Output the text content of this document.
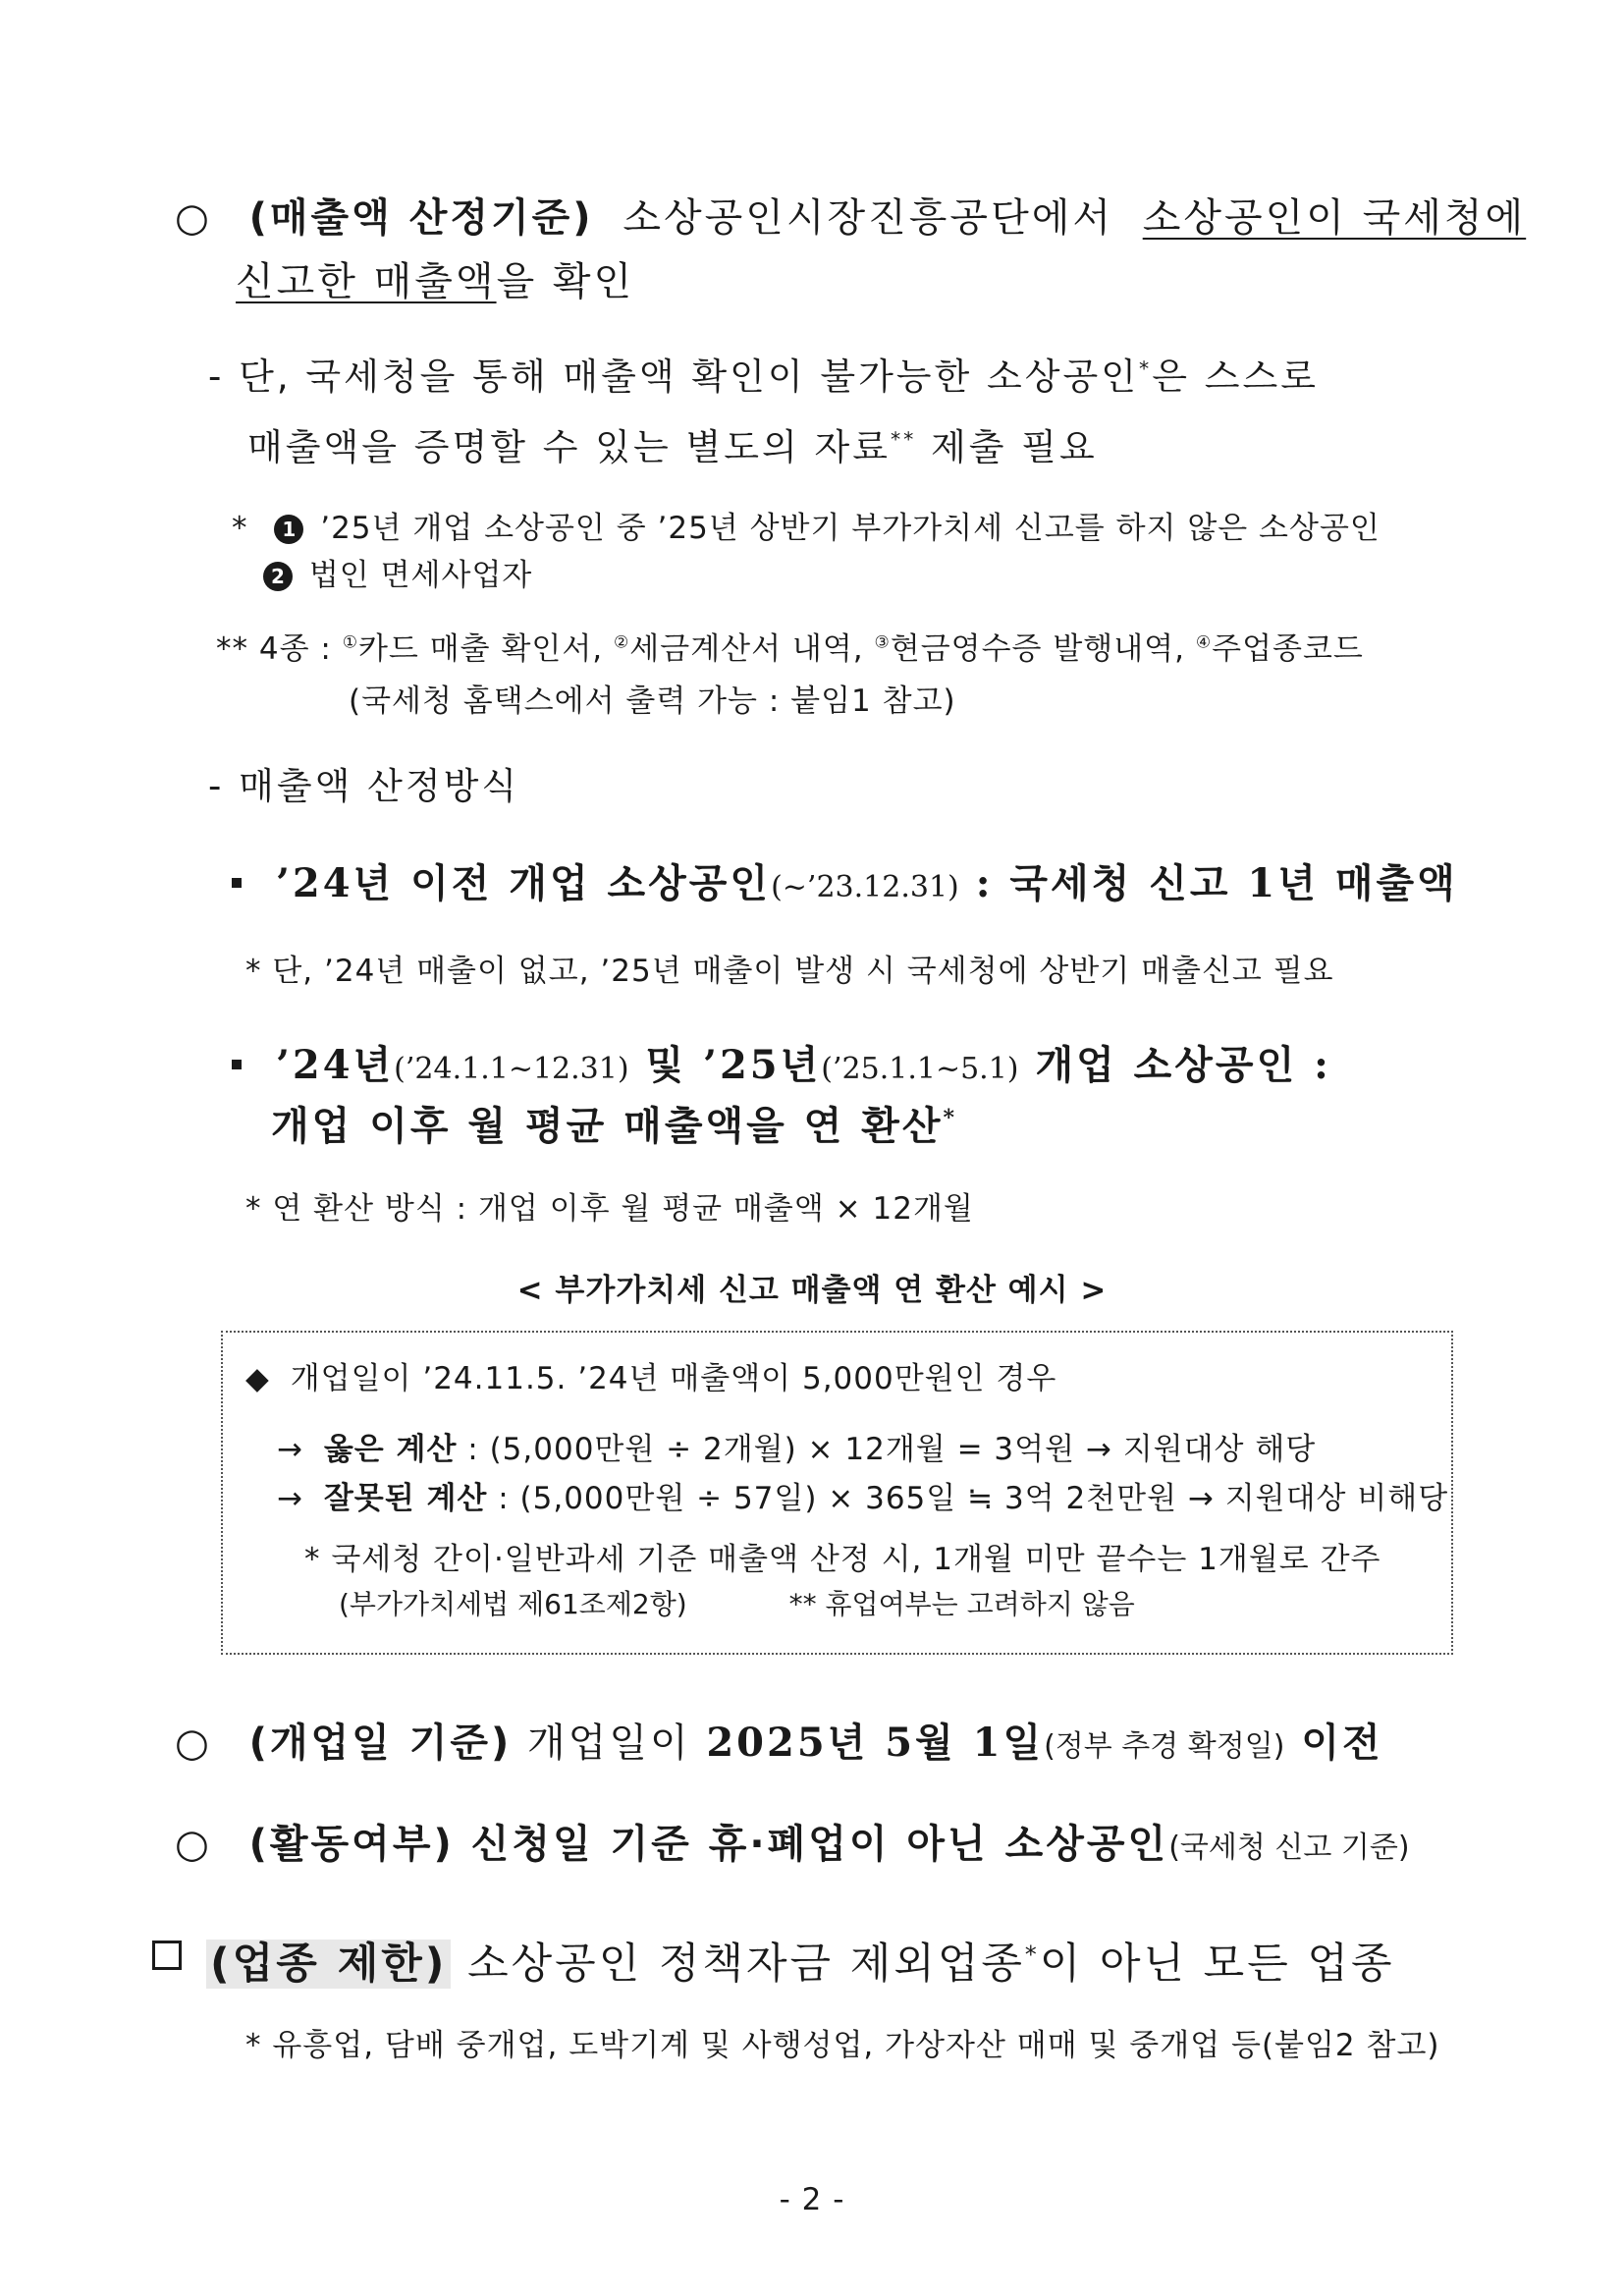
○ (매출액 산정기준) 소상공인시장진흥공단에서 소상공인이 국세청에
신고한 매출액을 확인
- 단, 국세청을 통해 매출액 확인이 불가능한 소상공인*은 스스로
매출액을 증명할 수 있는 별도의 자료** 제출 필요
* 1 ’25년 개업 소상공인 중 ’25년 상반기 부가가치세 신고를 하지 않은 소상공인
2 법인 면세사업자
** 4종 : ①카드 매출 확인서, ②세금계산서 내역, ③현금영수증 발행내역, ④주업종코드
(국세청 홈택스에서 출력 가능 : 붙임1 참고)
- 매출액 산정방식
’24년 이전 개업 소상공인(~’23.12.31) : 국세청 신고 1년 매출액
* 단, ’24년 매출이 없고, ’25년 매출이 발생 시 국세청에 상반기 매출신고 필요
’24년(’24.1.1~12.31) 및 ’25년(’25.1.1~5.1) 개업 소상공인 :
개업 이후 월 평균 매출액을 연 환산*
* 연 환산 방식 : 개업 이후 월 평균 매출액 × 12개월
< 부가가치세 신고 매출액 연 환산 예시 >
◆ 개업일이 ’24.11.5. ’24년 매출액이 5,000만원인 경우
→ 옳은 계산 : (5,000만원 ÷ 2개월) × 12개월 = 3억원 → 지원대상 해당
→ 잘못된 계산 : (5,000만원 ÷ 57일) × 365일 ≒ 3억 2천만원 → 지원대상 비해당
* 국세청 간이·일반과세 기준 매출액 산정 시, 1개월 미만 끝수는 1개월로 간주
(부가가치세법 제61조제2항)	** 휴업여부는 고려하지 않음
○ (개업일 기준) 개업일이 2025년 5월 1일(정부 추경 확정일) 이전
○ (활동여부) 신청일 기준 휴·폐업이 아닌 소상공인(국세청 신고 기준)
(업종 제한) 소상공인 정책자금 제외업종*이 아닌 모든 업종
* 유흥업, 담배 중개업, 도박기계 및 사행성업, 가상자산 매매 및 중개업 등(붙임2 참고)
- 2 -
